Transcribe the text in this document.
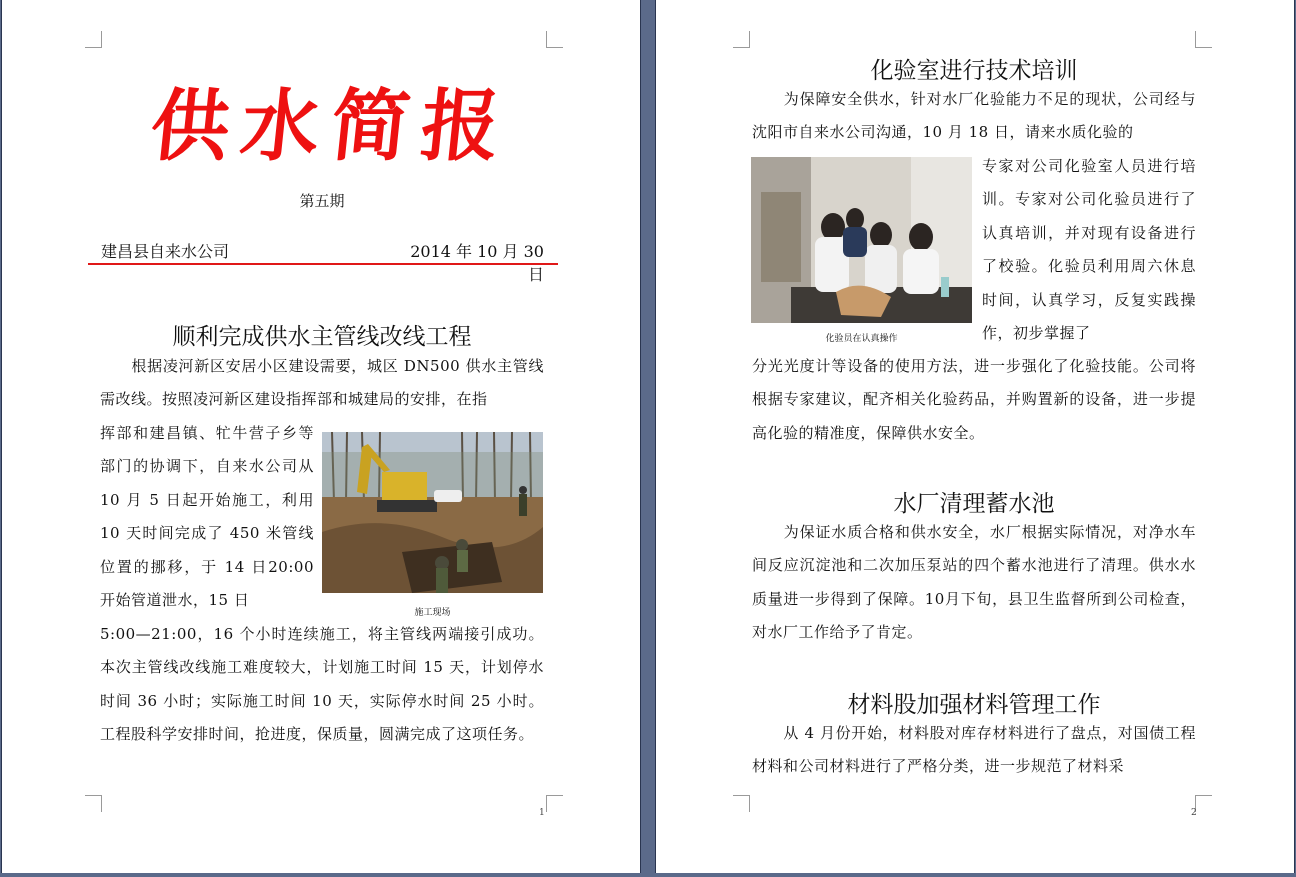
供水简报
第五期
建昌县自来水公司	2014 年 10 月 30 日
顺利完成供水主管线改线工程
　　根据凌河新区安居小区建设需要，城区 DN500 供水主管线需改线。按照凌河新区建设指挥部和城建局的安排，在指
挥部和建昌镇、牤牛营子乡等部门的协调下，自来水公司从 10 月 5 日起开始施工，利用 10 天时间完成了 450 米管线位置的挪移，于 14 日20:00 开始管道泄水，15 日
施工现场
5:00—21:00，16 个小时连续施工，将主管线两端接引成功。本次主管线改线施工难度较大，计划施工时间 15 天，计划停水时间 36 小时；实际施工时间 10 天，实际停水时间 25 小时。工程股科学安排时间，抢进度，保质量，圆满完成了这项任务。
1
化验室进行技术培训
　　为保障安全供水，针对水厂化验能力不足的现状，公司经与沈阳市自来水公司沟通，10 月 18 日，请来水质化验的
化验员在认真操作
专家对公司化验室人员进行培训。专家对公司化验员进行了认真培训，并对现有设备进行了校验。化验员利用周六休息时间，认真学习，反复实践操作，初步掌握了
分光光度计等设备的使用方法，进一步强化了化验技能。公司将根据专家建议，配齐相关化验药品，并购置新的设备，进一步提高化验的精准度，保障供水安全。
水厂清理蓄水池
　　为保证水质合格和供水安全，水厂根据实际情况，对净水车间反应沉淀池和二次加压泵站的四个蓄水池进行了清理。供水水质量进一步得到了保障。10月下旬，县卫生监督所到公司检查，对水厂工作给予了肯定。
材料股加强材料管理工作
　　从 4 月份开始，材料股对库存材料进行了盘点，对国债工程材料和公司材料进行了严格分类，进一步规范了材料采
2
